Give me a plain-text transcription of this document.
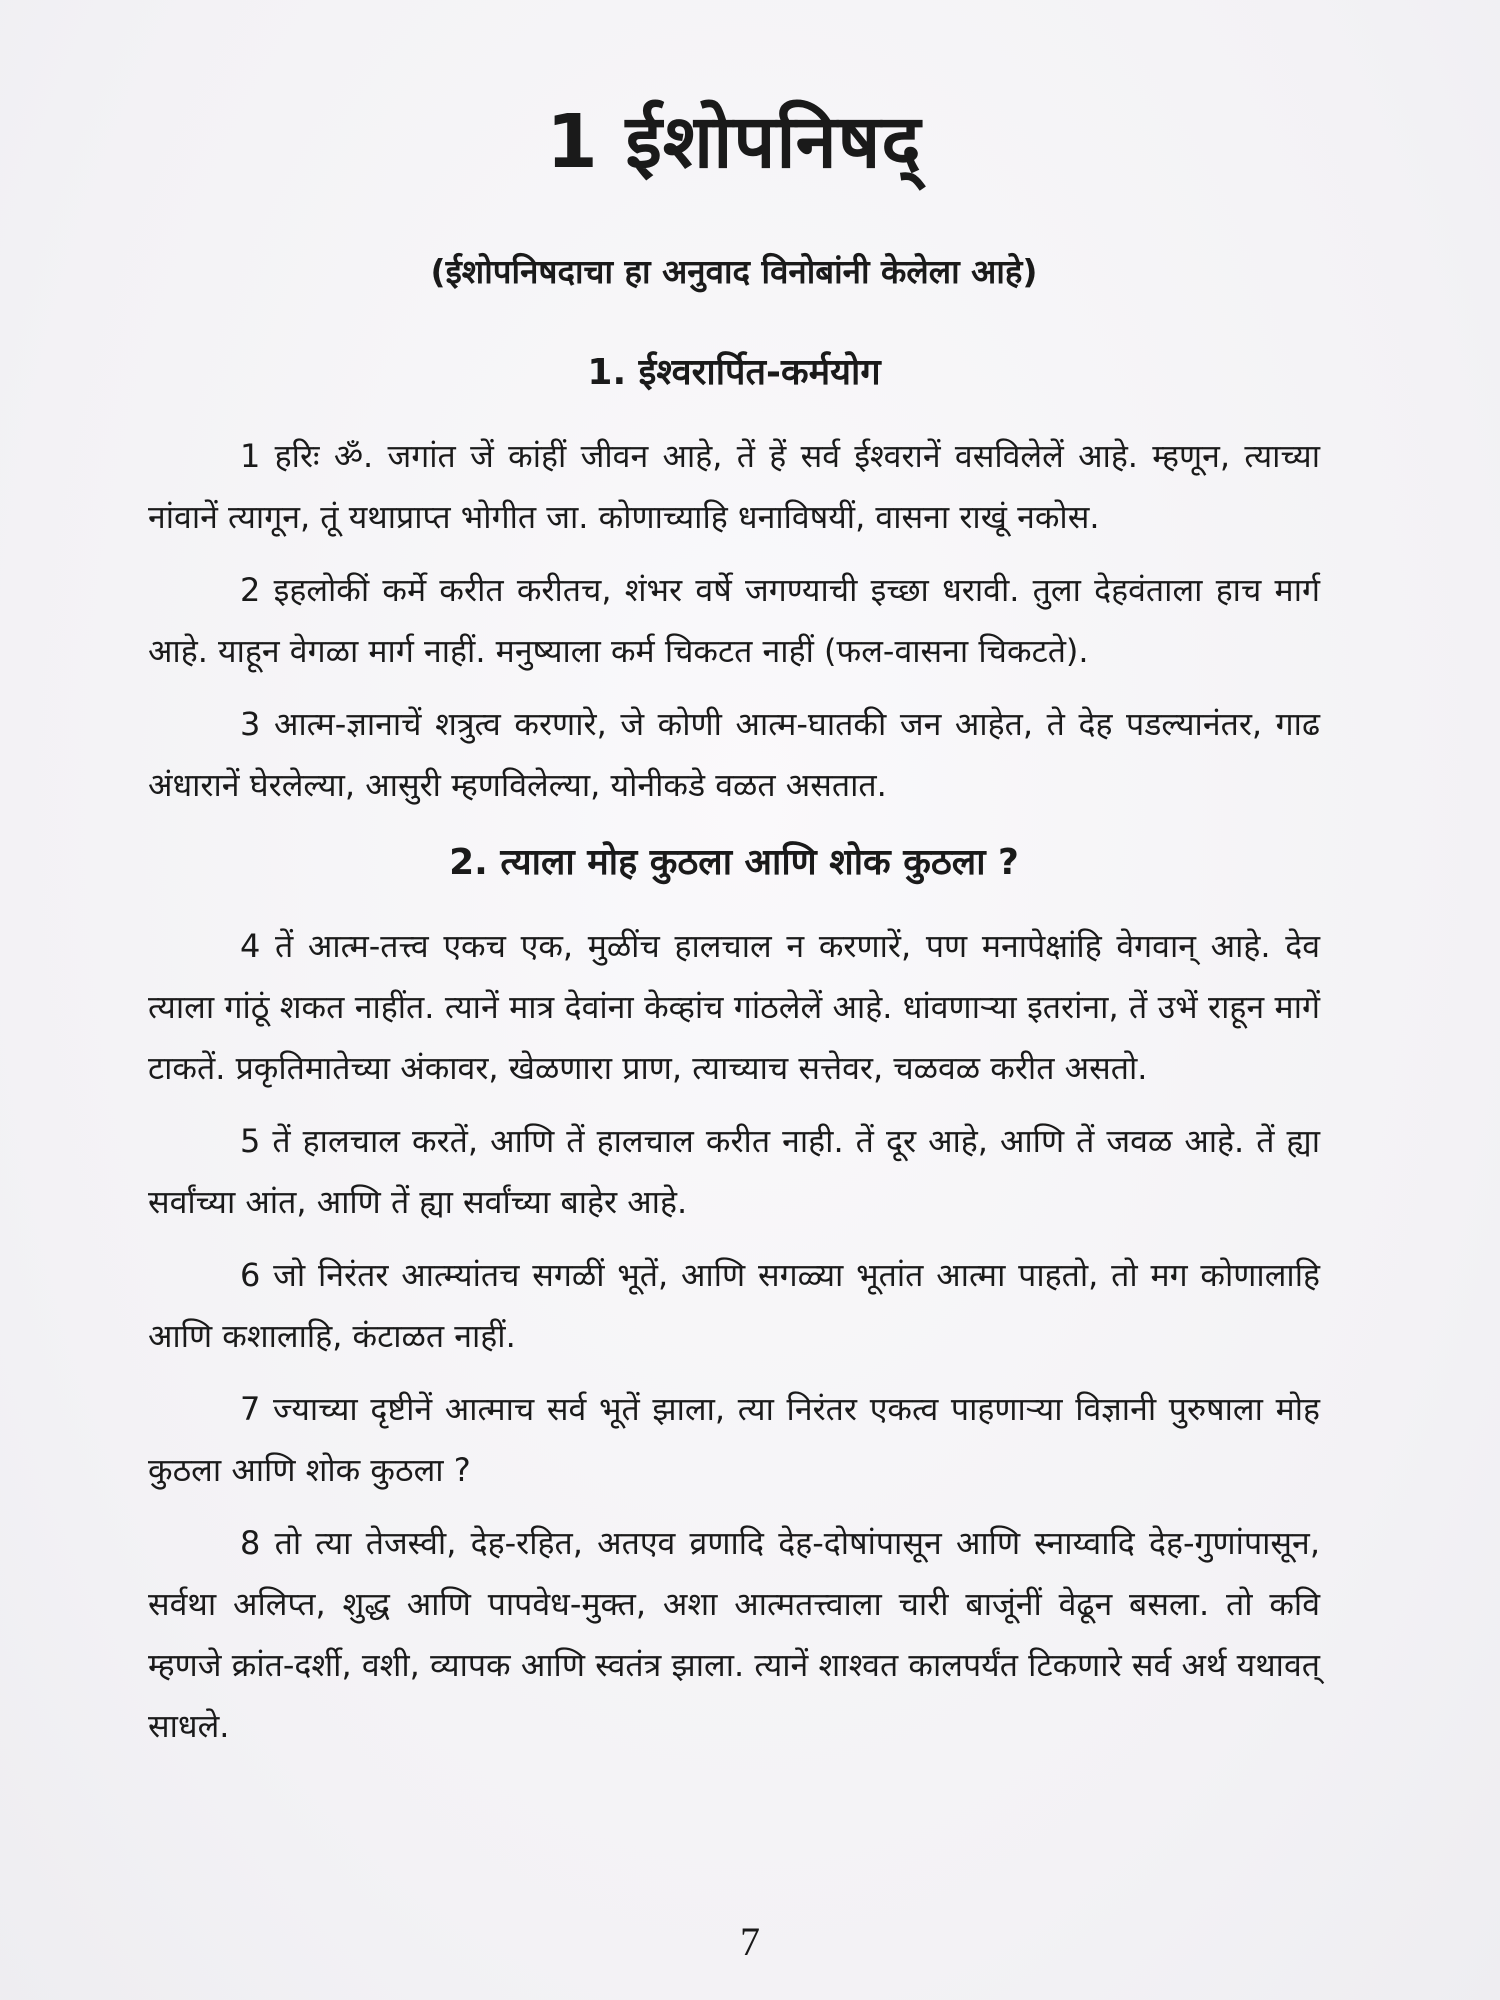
1 ईशोपनिषद्
(ईशोपनिषदाचा हा अनुवाद विनोबांनी केलेला आहे)
1. ईश्वरार्पित-कर्मयोग

1 हरिः ॐ. जगांत जें कांहीं जीवन आहे, तें हें सर्व ईश्वरानें वसविलेलें आहे. म्हणून, त्याच्या नांवानें त्यागून, तूं यथाप्राप्त भोगीत जा. कोणाच्याहि धनाविषयीं, वासना राखूं नकोस.

2 इहलोकीं कर्मे करीत करीतच, शंभर वर्षे जगण्याची इच्छा धरावी. तुला देहवंताला हाच मार्ग आहे. याहून वेगळा मार्ग नाहीं. मनुष्याला कर्म चिकटत नाहीं (फल-वासना चिकटते).

3 आत्म-ज्ञानाचें शत्रुत्व करणारे, जे कोणी आत्म-घातकी जन आहेत, ते देह पडल्यानंतर, गाढ अंधारानें घेरलेल्या, आसुरी म्हणविलेल्या, योनीकडे वळत असतात.

2. त्याला मोह कुठला आणि शोक कुठला ?

4 तें आत्म-तत्त्व एकच एक, मुळींच हालचाल न करणारें, पण मनापेक्षांहि वेगवान् आहे. देव त्याला गांठूं शकत नाहींत. त्यानें मात्र देवांना केव्हांच गांठलेलें आहे. धांवणाऱ्या इतरांना, तें उभें राहून मागें टाकतें. प्रकृतिमातेच्या अंकावर, खेळणारा प्राण, त्याच्याच सत्तेवर, चळवळ करीत असतो.

5 तें हालचाल करतें, आणि तें हालचाल करीत नाही. तें दूर आहे, आणि तें जवळ आहे. तें ह्या सर्वांच्या आंत, आणि तें ह्या सर्वांच्या बाहेर आहे.

6 जो निरंतर आत्म्यांतच सगळीं भूतें, आणि सगळ्या भूतांत आत्मा पाहतो, तो मग कोणालाहि आणि कशालाहि, कंटाळत नाहीं.

7 ज्याच्या दृष्टीनें आत्माच सर्व भूतें झाला, त्या निरंतर एकत्व पाहणाऱ्या विज्ञानी पुरुषाला मोह कुठला आणि शोक कुठला ?

8 तो त्या तेजस्वी, देह-रहित, अतएव व्रणादि देह-दोषांपासून आणि स्नाय्वादि देह-गुणांपासून, सर्वथा अलिप्त, शुद्ध आणि पापवेध-मुक्त, अशा आत्मतत्त्वाला चारी बाजूंनीं वेढून बसला. तो कवि म्हणजे क्रांत-दर्शी, वशी, व्यापक आणि स्वतंत्र झाला. त्यानें शाश्वत कालपर्यंत टिकणारे सर्व अर्थ यथावत् साधले.

7
